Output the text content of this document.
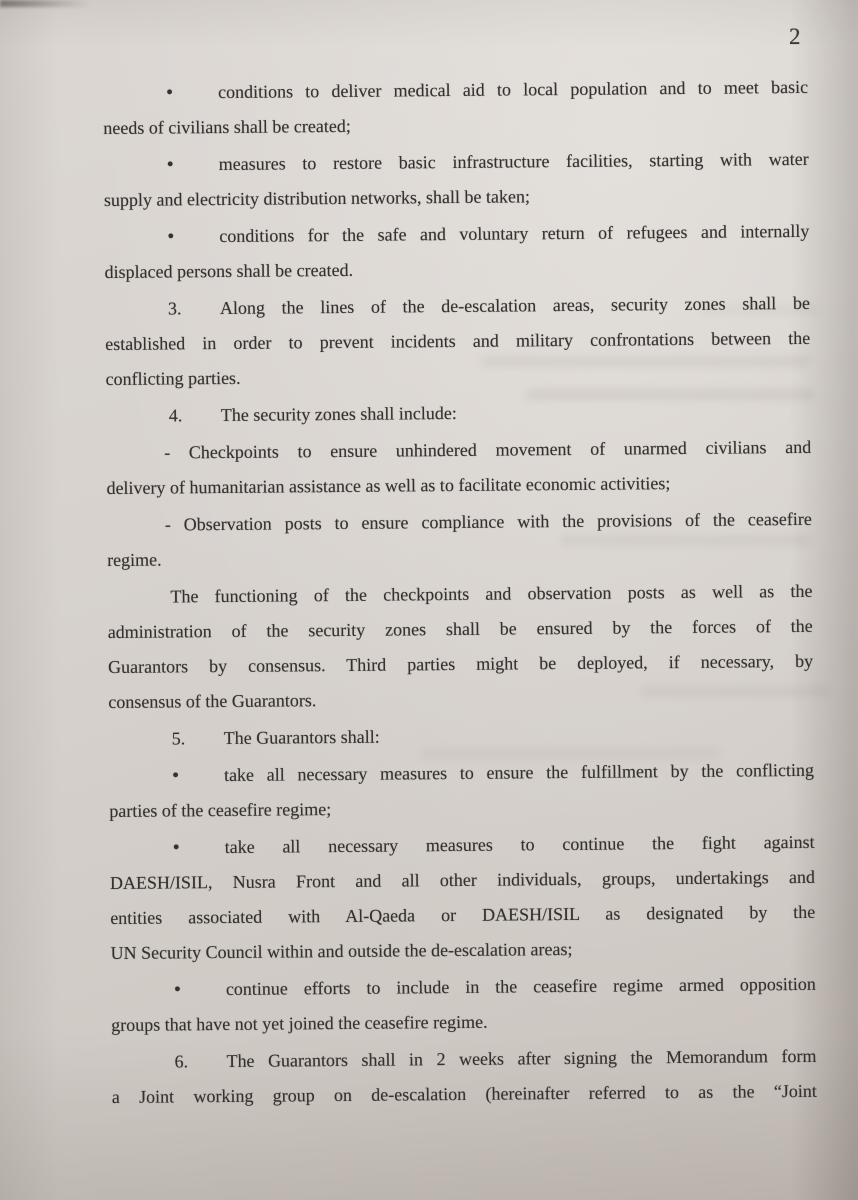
2
• conditions to deliver medical aid to local population and to meet basic
needs of civilians shall be created;
• measures to restore basic infrastructure facilities, starting with water
supply and electricity distribution networks, shall be taken;
• conditions for the safe and voluntary return of refugees and internally
displaced persons shall be created.
3. Along the lines of the de-escalation areas, security zones shall be
established in order to prevent incidents and military confrontations between the
conflicting parties.
4. The security zones shall include:
- Checkpoints to ensure unhindered movement of unarmed civilians and
delivery of humanitarian assistance as well as to facilitate economic activities;
- Observation posts to ensure compliance with the provisions of the ceasefire
regime.
The functioning of the checkpoints and observation posts as well as the
administration of the security zones shall be ensured by the forces of the
Guarantors by consensus. Third parties might be deployed, if necessary, by
consensus of the Guarantors.
5. The Guarantors shall:
• take all necessary measures to ensure the fulfillment by the conflicting
parties of the ceasefire regime;
• take all necessary measures to continue the fight against
DAESH/ISIL, Nusra Front and all other individuals, groups, undertakings and
entities associated with Al-Qaeda or DAESH/ISIL as designated by the
UN Security Council within and outside the de-escalation areas;
• continue efforts to include in the ceasefire regime armed opposition
groups that have not yet joined the ceasefire regime.
6. The Guarantors shall in 2 weeks after signing the Memorandum form
a Joint working group on de-escalation (hereinafter referred to as the “Joint
